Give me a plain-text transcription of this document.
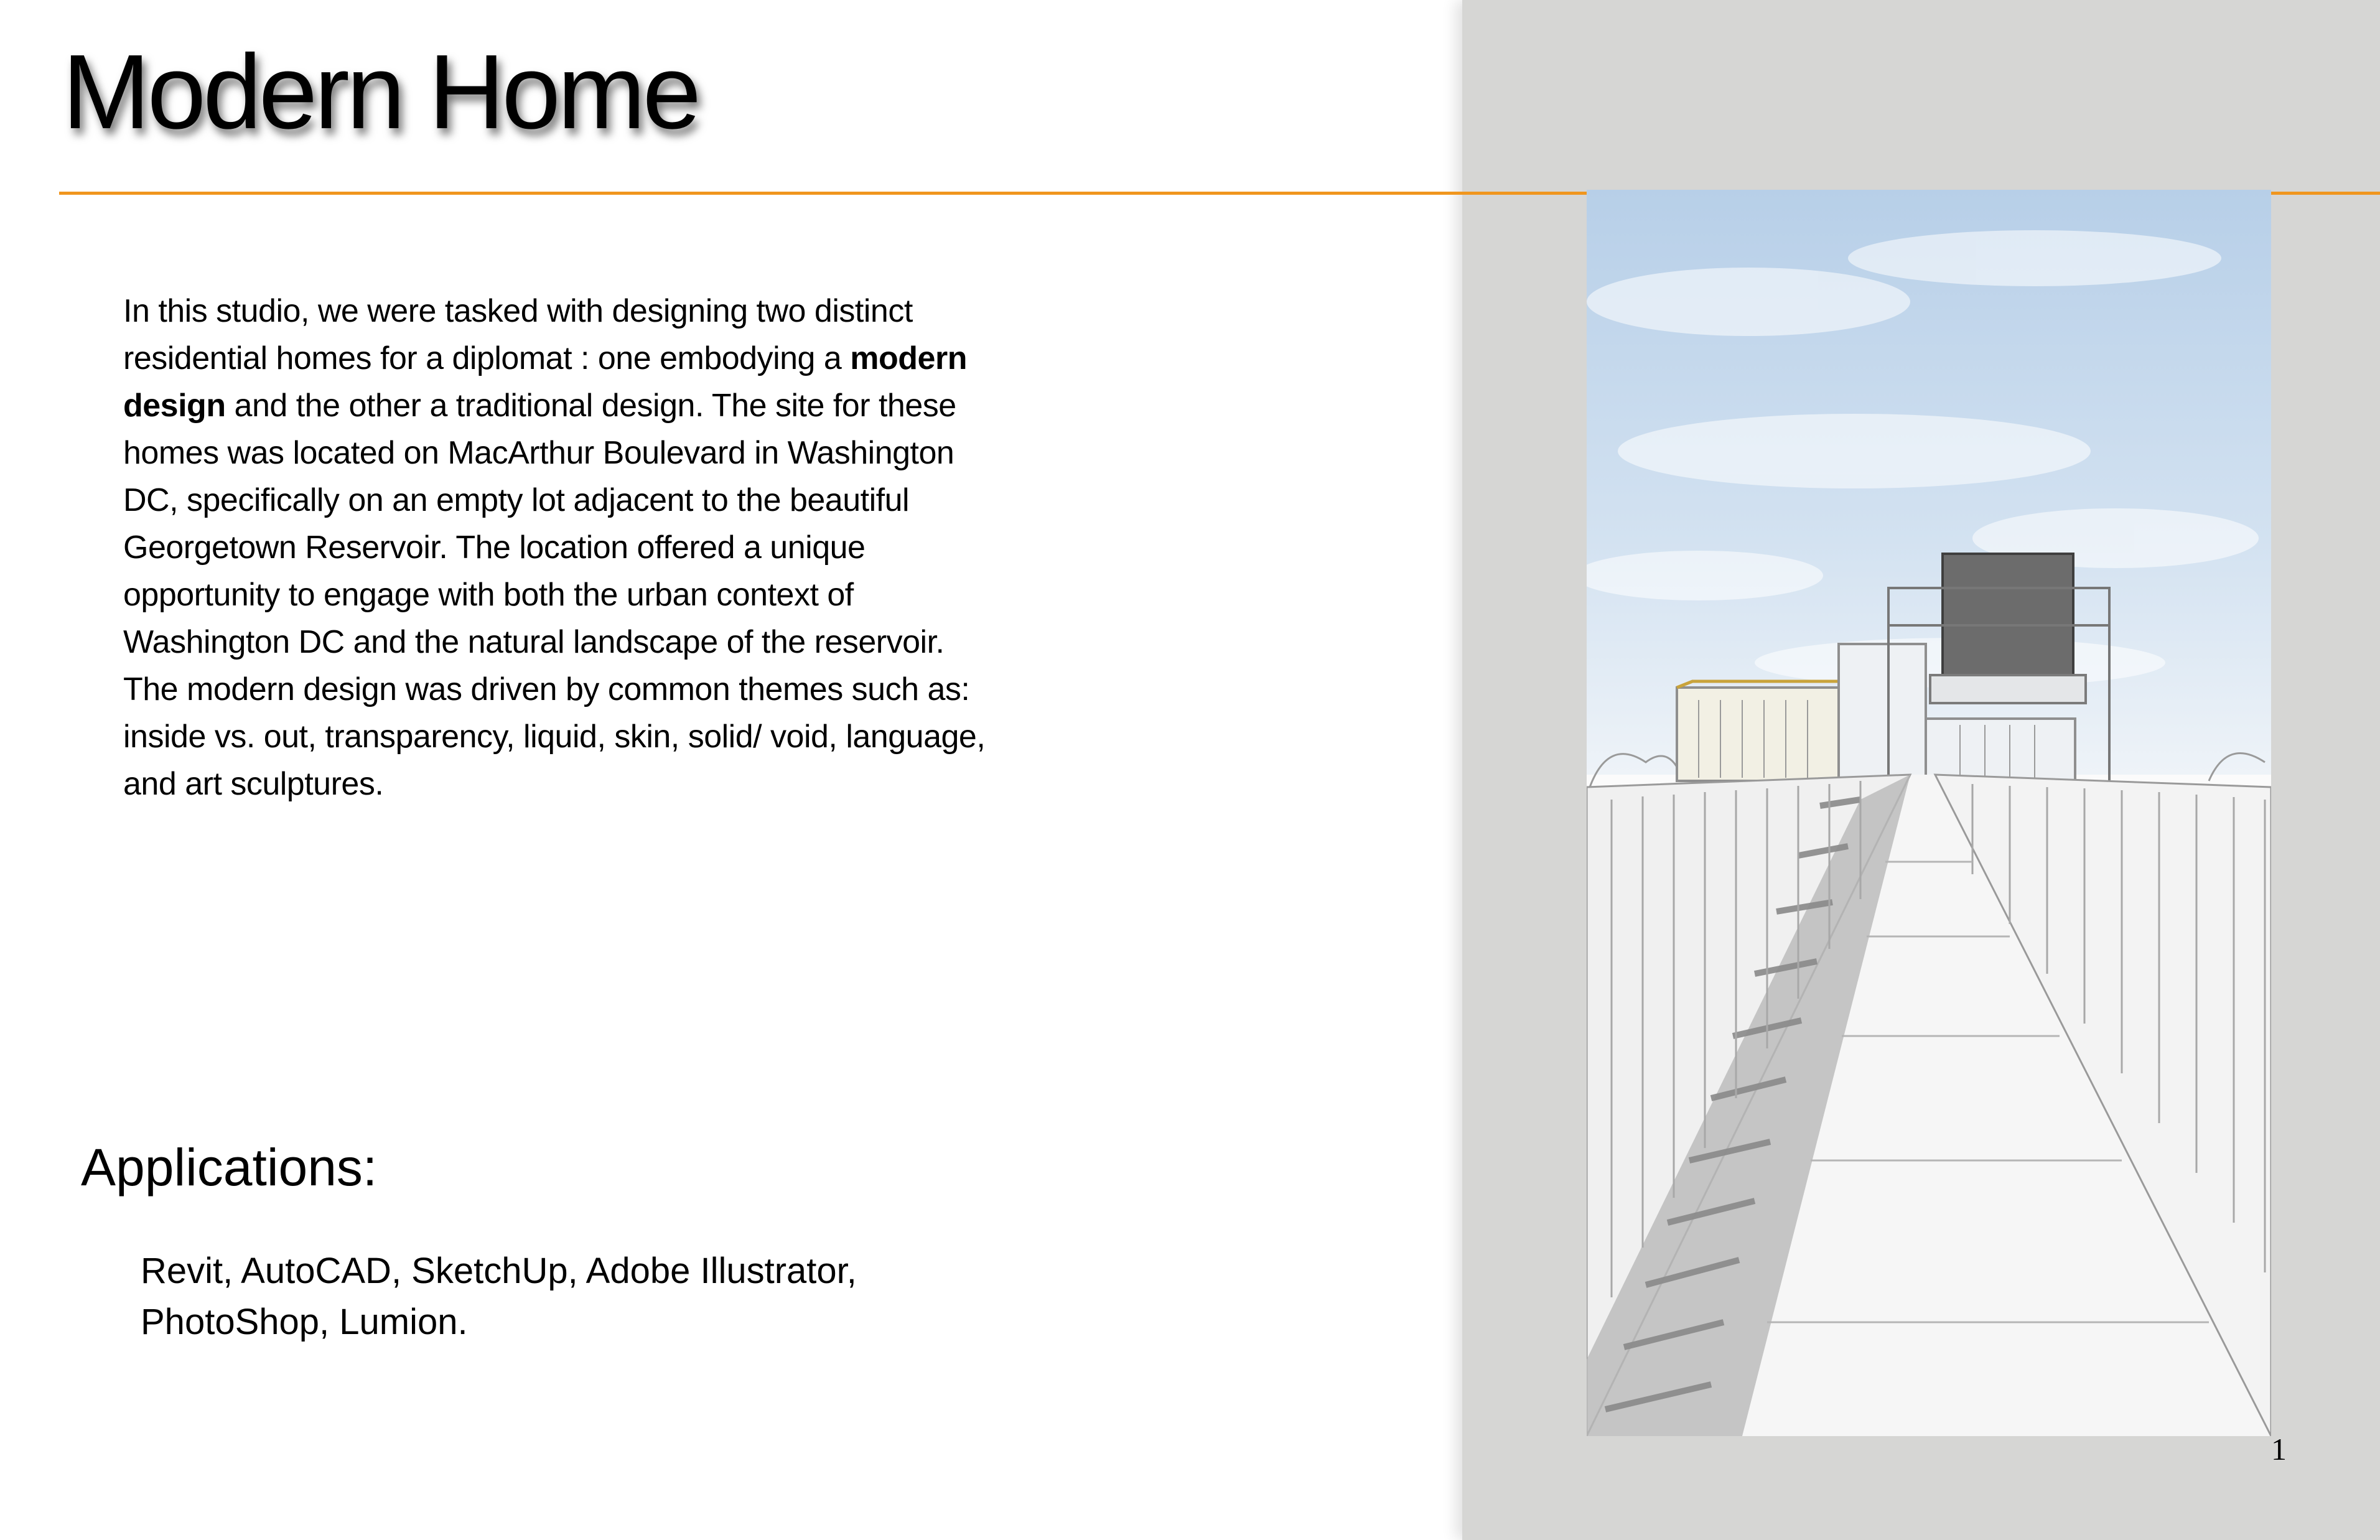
Modern Home

In this studio, we were tasked with designing two distinct residential homes for a diplomat : one embodying a modern design and the other a traditional design. The site for these homes was located on MacArthur Boulevard in Washington DC, specifically on an empty lot adjacent to the beautiful Georgetown Reservoir. The location offered a unique opportunity to engage with both the urban context of Washington DC and the natural landscape of the reservoir. The modern design was driven by common themes such as: inside vs. out, transparency, liquid, skin, solid/ void, language, and art sculptures.

Applications:
Revit, AutoCAD, SketchUp, Adobe Illustrator, PhotoShop, Lumion.
1
